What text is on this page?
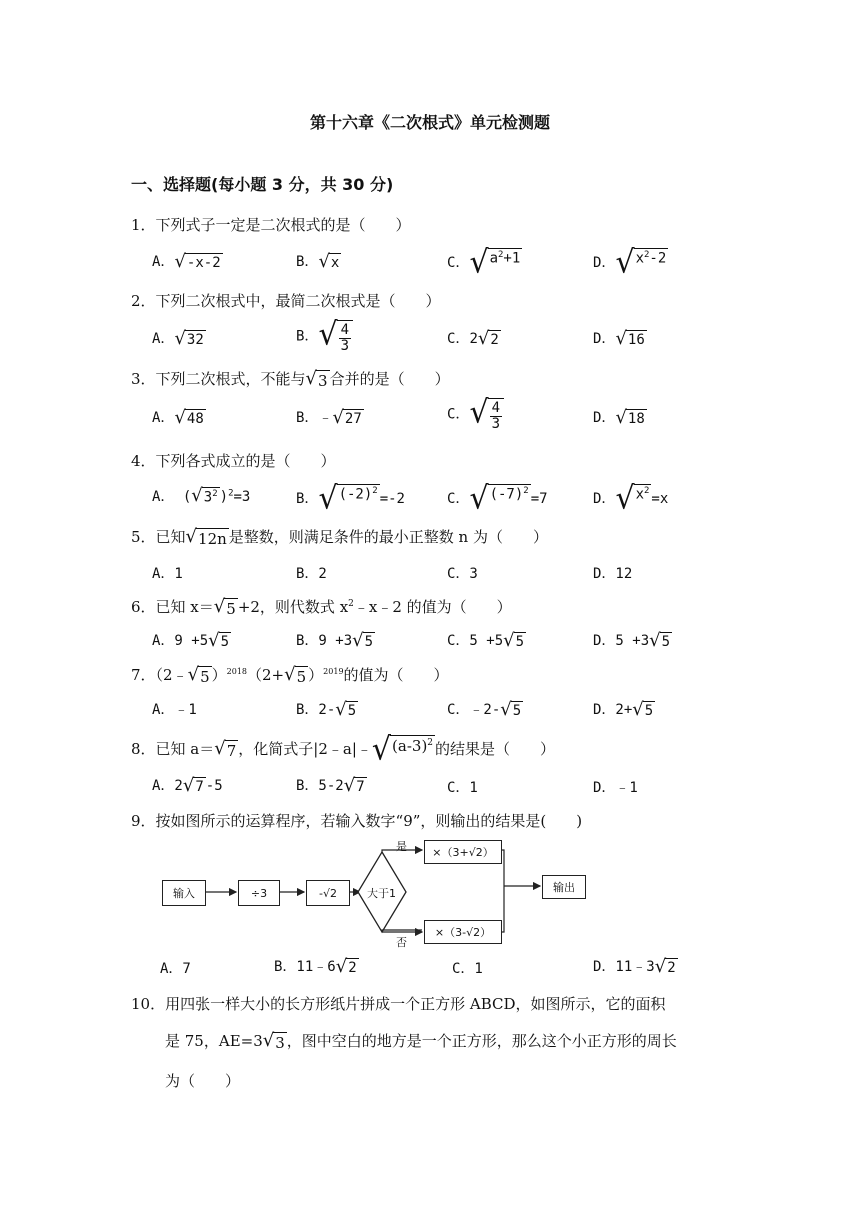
第十六章《二次根式》单元检测题
一、选择题(每小题 3 分，共 30 分)
1．下列式子一定是二次根式的是（　　）
A． √ -x-2	B． √ x	C． √ $a^2+1$	D． √ $x^2-2$
2．下列二次根式中，最简二次根式是（　　）
A． √ 32	B． √ $\frac{4}{3}$	C．2 √ 2	D． √ 16
3．下列二次根式，不能与 √ 3 合并的是（　　）
A． √ 48	B．﹣ √ 27	C． √ $\frac{4}{3}$	D． √ 18
4．下列各式成立的是（　　）
A． ( √ $3^2$ )$^2$=3	B． √ $(-2)^2 =-2$	C． √ $(-7)^2 =7$	D． √ $x^2 =x$
5．已知 √ 12n 是整数，则满足条件的最小正整数 n 为（　　）
A．1	B．2	C．3	D．12
6．已知 x＝ √ 5 +2，则代数式 $x^2﹣x﹣2$ 的值为（　　）
A．9 +5 √ 5	B．9 +3 √ 5	C．5 +5 √ 5	D．5 +3 √ 5
7．（2﹣ √ 5 ）$^{2018}$（2+ √ 5 ）$^{2019}$的值为（　　）
A．﹣1	B．2- √ 5	C．﹣2- √ 5	D．2+ √ 5
8．已知 a＝ √ 7 ，化简式子|2﹣a|﹣ √ $(a-3)^2$ 的结果是（　　）
A．2 √ 7 -5	B．5-2 √ 7	C．1	D．﹣1
9．按如图所示的运算程序，若输入数字“9”，则输出的结果是(　　)
输入	÷3	-√2	大于1
是
否
×（3+√2）
×（3-√2）
输出
A．7	B．11﹣6 √ 2	C．1	D．11﹣3 √ 2
10．用四张一样大小的长方形纸片拼成一个正方形 ABCD，如图所示，它的面积
是 75，AE=3 √ 3 ，图中空白的地方是一个正方形，那么这个小正方形的周长
为（　　）
